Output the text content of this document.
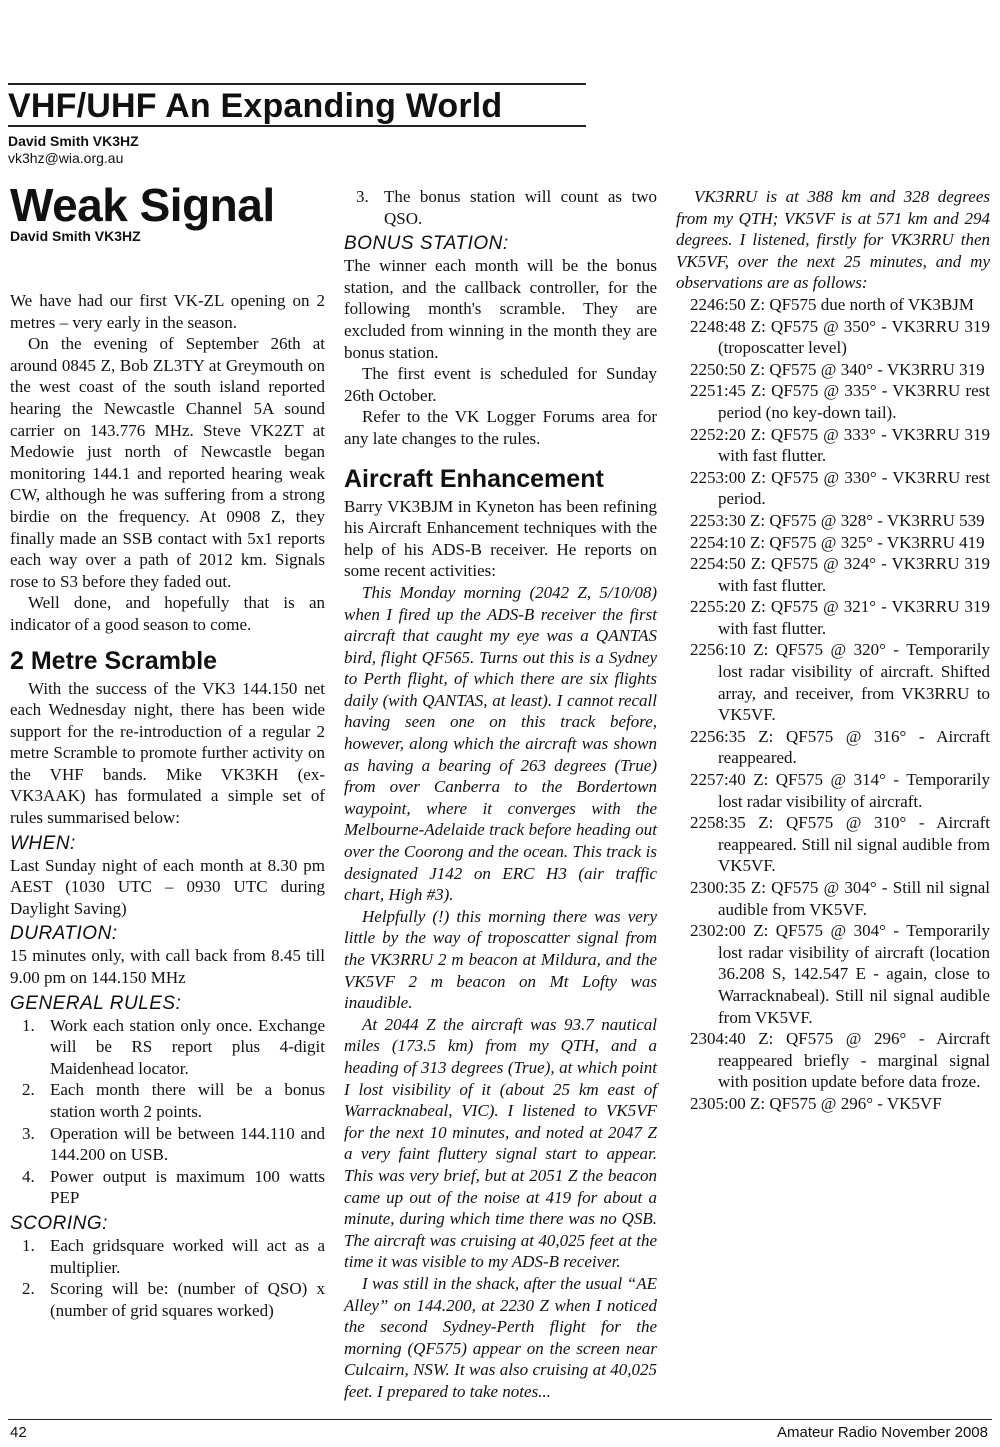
VHF/UHF An Expanding World
David Smith VK3HZ
vk3hz@wia.org.au
Weak Signal
David Smith VK3HZ

We have had our first VK-ZL opening on 2 metres – very early in the season.

On the evening of September 26th at around 0845 Z, Bob ZL3TY at Greymouth on the west coast of the south island reported hearing the Newcastle Channel 5A sound carrier on 143.776 MHz. Steve VK2ZT at Medowie just north of Newcastle began monitoring 144.1 and reported hearing weak CW, although he was suffering from a strong birdie on the frequency. At 0908 Z, they finally made an SSB contact with 5x1 reports each way over a path of 2012 km. Signals rose to S3 before they faded out.

Well done, and hopefully that is an indicator of a good season to come.

2 Metre Scramble

With the success of the VK3 144.150 net each Wednesday night, there has been wide support for the re-introduction of a regular 2 metre Scramble to promote further activity on the VHF bands. Mike VK3KH (ex-VK3AAK) has formulated a simple set of rules summarised below:

WHEN:

Last Sunday night of each month at 8.30 pm AEST (1030 UTC – 0930 UTC during Daylight Saving)

DURATION:

15 minutes only, with call back from 8.45 till 9.00 pm on 144.150 MHz

GENERAL RULES:
1. Work each station only once. Exchange will be RS report plus 4-digit Maidenhead locator.
2. Each month there will be a bonus station worth 2 points.
3. Operation will be between 144.110 and 144.200 on USB.
4. Power output is maximum 100 watts PEP
SCORING:
1. Each gridsquare worked will act as a multiplier.
2. Scoring will be: (number of QSO) x (number of grid squares worked)
3. The bonus station will count as two QSO.
BONUS STATION:

The winner each month will be the bonus station, and the callback controller, for the following month's scramble. They are excluded from winning in the month they are bonus station.

The first event is scheduled for Sunday 26th October.

Refer to the VK Logger Forums area for any late changes to the rules.

Aircraft Enhancement

Barry VK3BJM in Kyneton has been refining his Aircraft Enhancement techniques with the help of his ADS-B receiver. He reports on some recent activities:

This Monday morning (2042 Z, 5/10/08) when I fired up the ADS-B receiver the first aircraft that caught my eye was a QANTAS bird, flight QF565. Turns out this is a Sydney to Perth flight, of which there are six flights daily (with QANTAS, at least). I cannot recall having seen one on this track before, however, along which the aircraft was shown as having a bearing of 263 degrees (True) from over Canberra to the Bordertown waypoint, where it converges with the Melbourne-Adelaide track before heading out over the Coorong and the ocean. This track is designated J142 on ERC H3 (air traffic chart, High #3).

Helpfully (!) this morning there was very little by the way of troposcatter signal from the VK3RRU 2 m beacon at Mildura, and the VK5VF 2 m beacon on Mt Lofty was inaudible.

At 2044 Z the aircraft was 93.7 nautical miles (173.5 km) from my QTH, and a heading of 313 degrees (True), at which point I lost visibility of it (about 25 km east of Warracknabeal, VIC). I listened to VK5VF for the next 10 minutes, and noted at 2047 Z a very faint fluttery signal start to appear. This was very brief, but at 2051 Z the beacon came up out of the noise at 419 for about a minute, during which time there was no QSB. The aircraft was cruising at 40,025 feet at the time it was visible to my ADS-B receiver.

I was still in the shack, after the usual “AE Alley” on 144.200, at 2230 Z when I noticed the second Sydney-Perth flight for the morning (QF575) appear on the screen near Culcairn, NSW. It was also cruising at 40,025 feet. I prepared to take notes...

VK3RRU is at 388 km and 328 degrees from my QTH; VK5VF is at 571 km and 294 degrees. I listened, firstly for VK3RRU then VK5VF, over the next 25 minutes, and my observations are as follows:

2246:50 Z: QF575 due north of VK3BJM
2248:48 Z: QF575 @ 350° - VK3RRU 319 (troposcatter level)
2250:50 Z: QF575 @ 340° - VK3RRU 319
2251:45 Z: QF575 @ 335° - VK3RRU rest period (no key-down tail).
2252:20 Z: QF575 @ 333° - VK3RRU 319 with fast flutter.
2253:00 Z: QF575 @ 330° - VK3RRU rest period.
2253:30 Z: QF575 @ 328° - VK3RRU 539
2254:10 Z: QF575 @ 325° - VK3RRU 419
2254:50 Z: QF575 @ 324° - VK3RRU 319 with fast flutter.
2255:20 Z: QF575 @ 321° - VK3RRU 319 with fast flutter.
2256:10 Z: QF575 @ 320° - Temporarily lost radar visibility of aircraft. Shifted array, and receiver, from VK3RRU to VK5VF.
2256:35 Z: QF575 @ 316° - Aircraft reappeared.
2257:40 Z: QF575 @ 314° - Temporarily lost radar visibility of aircraft.
2258:35 Z: QF575 @ 310° - Aircraft reappeared. Still nil signal audible from VK5VF.
2300:35 Z: QF575 @ 304° - Still nil signal audible from VK5VF.
2302:00 Z: QF575 @ 304° - Temporarily lost radar visibility of aircraft (location 36.208 S, 142.547 E - again, close to Warracknabeal). Still nil signal audible from VK5VF.
2304:40 Z: QF575 @ 296° - Aircraft reappeared briefly - marginal signal with position update before data froze.
2305:00 Z: QF575 @ 296° - VK5VF
42	Amateur Radio November 2008
